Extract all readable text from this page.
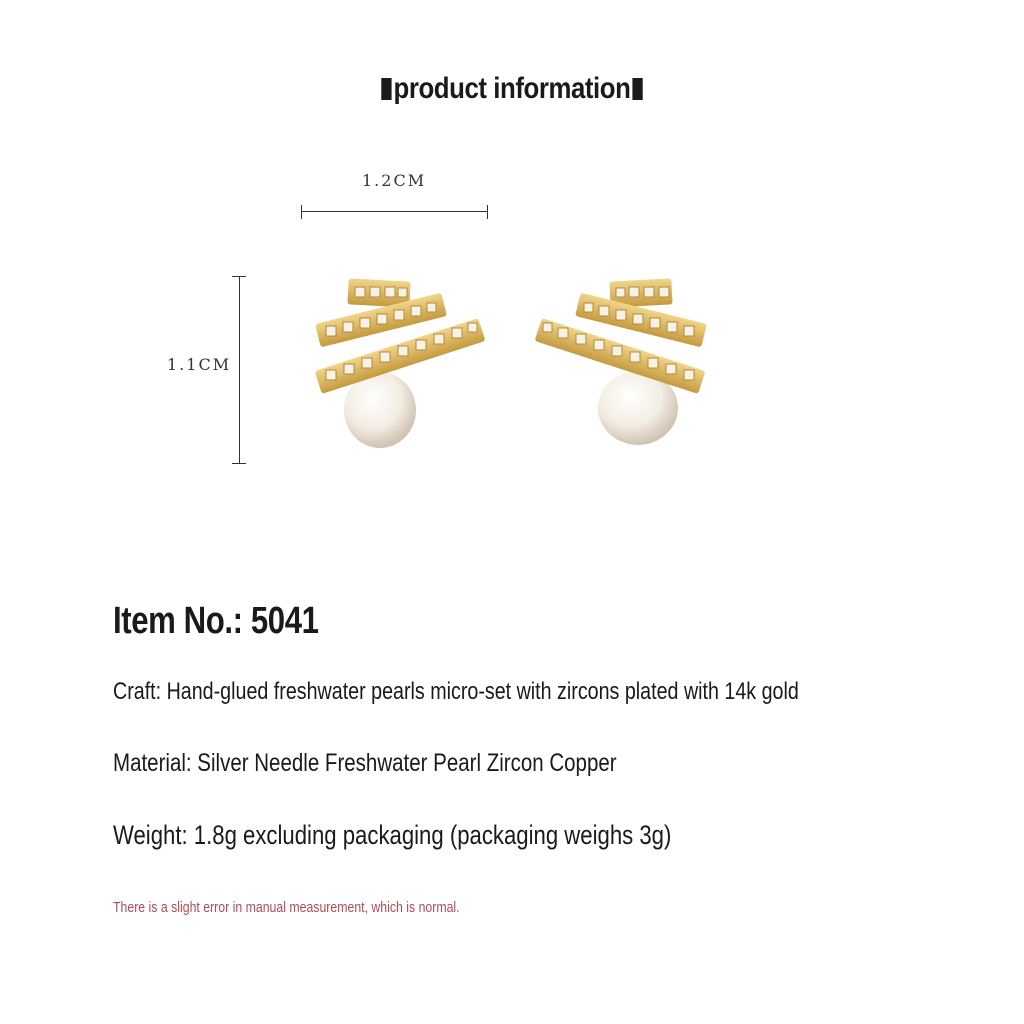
product information
1.2CM
1.1CM
Item No.: 5041
Craft: Hand-glued freshwater pearls micro-set with zircons plated with 14k gold
Material: Silver Needle Freshwater Pearl Zircon Copper
Weight: 1.8g excluding packaging (packaging weighs 3g)
There is a slight error in manual measurement, which is normal.
